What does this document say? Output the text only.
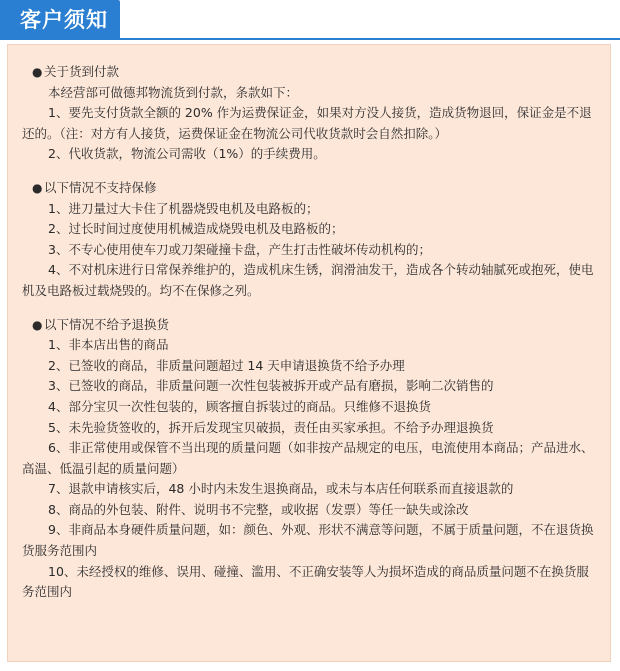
客户须知
● 关于货到付款
本经营部可做德邦物流货到付款，条款如下：
1、要先支付货款全额的 20% 作为运费保证金，如果对方没人接货，造成货物退回，保证金是不退还的。（注：对方有人接货，运费保证金在物流公司代收货款时会自然扣除。）
2、代收货款，物流公司需收（1%）的手续费用。
● 以下情况不支持保修
1、进刀量过大卡住了机器烧毁电机及电路板的；
2、过长时间过度使用机械造成烧毁电机及电路板的；
3、不专心使用使车刀或刀架碰撞卡盘，产生打击性破坏传动机构的；
4、不对机床进行日常保养维护的，造成机床生锈，润滑油发干，造成各个转动轴腻死或抱死，使电机及电路板过载烧毁的。均不在保修之列。
● 以下情况不给予退换货
1、非本店出售的商品
2、已签收的商品，非质量问题超过 14 天申请退换货不给予办理
3、已签收的商品，非质量问题一次性包装被拆开或产品有磨损，影响二次销售的
4、部分宝贝一次性包装的，顾客擅自拆装过的商品。只维修不退换货
5、未先验货签收的，拆开后发现宝贝破损，责任由买家承担。不给予办理退换货
6、非正常使用或保管不当出现的质量问题（如非按产品规定的电压，电流使用本商品；产品进水、高温、低温引起的质量问题）
7、退款申请核实后，48 小时内未发生退换商品，或未与本店任何联系而直接退款的
8、商品的外包装、附件、说明书不完整，或收据（发票）等任一缺失或涂改
9、非商品本身硬件质量问题，如：颜色、外观、形状不满意等问题，不属于质量问题，不在退货换货服务范围内
10、未经授权的维修、误用、碰撞、滥用、不正确安装等人为损坏造成的商品质量问题不在换货服务范围内
